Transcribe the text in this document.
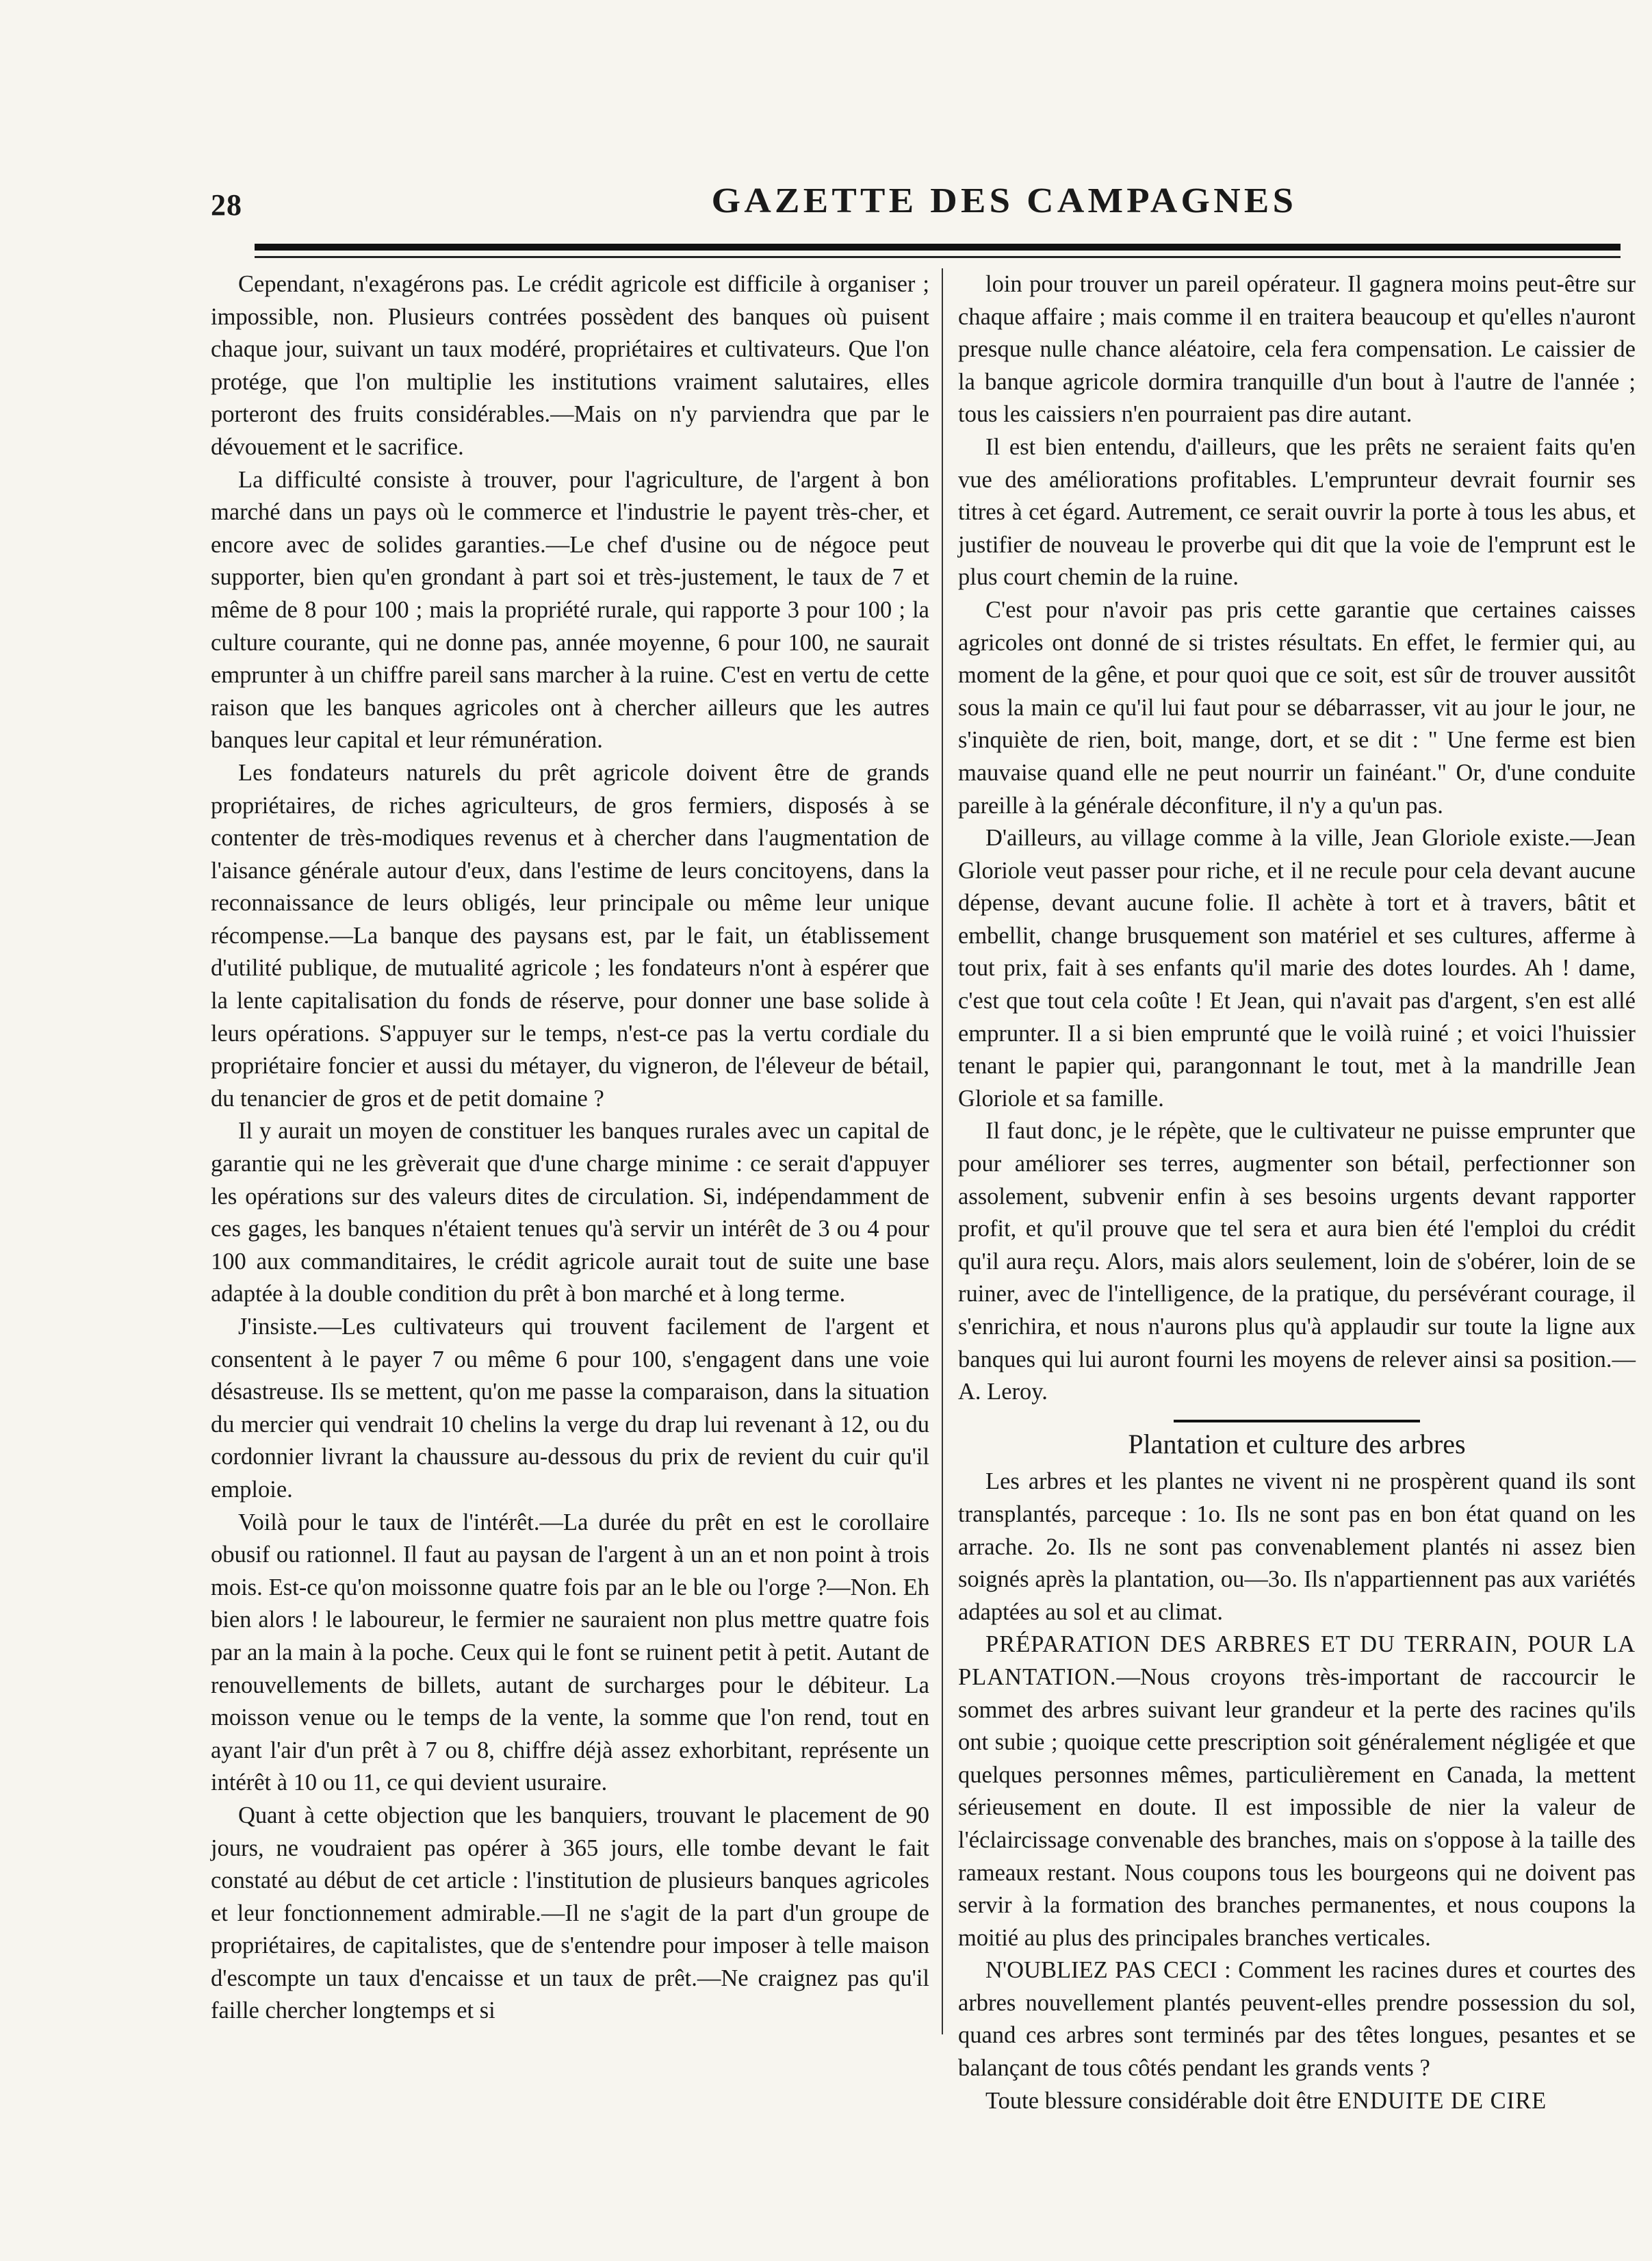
28	GAZETTE DES CAMPAGNES

Cependant, n'exagérons pas. Le crédit agricole est difficile à organiser ; impossible, non. Plusieurs contrées possèdent des banques où puisent chaque jour, suivant un taux modéré, propriétaires et cultivateurs. Que l'on protége, que l'on multiplie les institutions vraiment salutaires, elles porteront des fruits considérables.—Mais on n'y parviendra que par le dévouement et le sacrifice.

La difficulté consiste à trouver, pour l'agriculture, de l'argent à bon marché dans un pays où le commerce et l'industrie le payent très-cher, et encore avec de solides garanties.—Le chef d'usine ou de négoce peut supporter, bien qu'en grondant à part soi et très-justement, le taux de 7 et même de 8 pour 100 ; mais la propriété rurale, qui rapporte 3 pour 100 ; la culture courante, qui ne donne pas, année moyenne, 6 pour 100, ne saurait emprunter à un chiffre pareil sans marcher à la ruine. C'est en vertu de cette raison que les banques agricoles ont à chercher ailleurs que les autres banques leur capital et leur rémunération.

Les fondateurs naturels du prêt agricole doivent être de grands propriétaires, de riches agriculteurs, de gros fermiers, disposés à se contenter de très-modiques revenus et à chercher dans l'augmentation de l'aisance générale autour d'eux, dans l'estime de leurs concitoyens, dans la reconnaissance de leurs obligés, leur principale ou même leur unique récompense.—La banque des paysans est, par le fait, un établissement d'utilité publique, de mutualité agricole ; les fondateurs n'ont à espérer que la lente capitalisation du fonds de réserve, pour donner une base solide à leurs opérations. S'appuyer sur le temps, n'est-ce pas la vertu cordiale du propriétaire foncier et aussi du métayer, du vigneron, de l'éleveur de bétail, du tenancier de gros et de petit domaine ?

Il y aurait un moyen de constituer les banques rurales avec un capital de garantie qui ne les grèverait que d'une charge minime : ce serait d'appuyer les opérations sur des valeurs dites de circulation. Si, indépendamment de ces gages, les banques n'étaient tenues qu'à servir un intérêt de 3 ou 4 pour 100 aux commanditaires, le crédit agricole aurait tout de suite une base adaptée à la double condition du prêt à bon marché et à long terme.

J'insiste.—Les cultivateurs qui trouvent facilement de l'argent et consentent à le payer 7 ou même 6 pour 100, s'engagent dans une voie désastreuse. Ils se mettent, qu'on me passe la comparaison, dans la situation du mercier qui vendrait 10 chelins la verge du drap lui revenant à 12, ou du cordonnier livrant la chaussure au-dessous du prix de revient du cuir qu'il emploie.

Voilà pour le taux de l'intérêt.—La durée du prêt en est le corollaire obusif ou rationnel. Il faut au paysan de l'argent à un an et non point à trois mois. Est-ce qu'on moissonne quatre fois par an le ble ou l'orge ?—Non. Eh bien alors ! le laboureur, le fermier ne sauraient non plus mettre quatre fois par an la main à la poche. Ceux qui le font se ruinent petit à petit. Autant de renouvellements de billets, autant de surcharges pour le débiteur. La moisson venue ou le temps de la vente, la somme que l'on rend, tout en ayant l'air d'un prêt à 7 ou 8, chiffre déjà assez exhorbitant, représente un intérêt à 10 ou 11, ce qui devient usuraire.

Quant à cette objection que les banquiers, trouvant le placement de 90 jours, ne voudraient pas opérer à 365 jours, elle tombe devant le fait constaté au début de cet article : l'institution de plusieurs banques agricoles et leur fonctionnement admirable.—Il ne s'agit de la part d'un groupe de propriétaires, de capitalistes, que de s'entendre pour imposer à telle maison d'escompte un taux d'encaisse et un taux de prêt.—Ne craignez pas qu'il faille chercher longtemps et si

loin pour trouver un pareil opérateur. Il gagnera moins peut-être sur chaque affaire ; mais comme il en traitera beaucoup et qu'elles n'auront presque nulle chance aléatoire, cela fera compensation. Le caissier de la banque agricole dormira tranquille d'un bout à l'autre de l'année ; tous les caissiers n'en pourraient pas dire autant.

Il est bien entendu, d'ailleurs, que les prêts ne seraient faits qu'en vue des améliorations profitables. L'emprunteur devrait fournir ses titres à cet égard. Autrement, ce serait ouvrir la porte à tous les abus, et justifier de nouveau le proverbe qui dit que la voie de l'emprunt est le plus court chemin de la ruine.

C'est pour n'avoir pas pris cette garantie que certaines caisses agricoles ont donné de si tristes résultats. En effet, le fermier qui, au moment de la gêne, et pour quoi que ce soit, est sûr de trouver aussitôt sous la main ce qu'il lui faut pour se débarrasser, vit au jour le jour, ne s'inquiète de rien, boit, mange, dort, et se dit : " Une ferme est bien mauvaise quand elle ne peut nourrir un fainéant." Or, d'une conduite pareille à la générale déconfiture, il n'y a qu'un pas.

D'ailleurs, au village comme à la ville, Jean Gloriole existe.—Jean Gloriole veut passer pour riche, et il ne recule pour cela devant aucune dépense, devant aucune folie. Il achète à tort et à travers, bâtit et embellit, change brusquement son matériel et ses cultures, afferme à tout prix, fait à ses enfants qu'il marie des dotes lourdes. Ah ! dame, c'est que tout cela coûte ! Et Jean, qui n'avait pas d'argent, s'en est allé emprunter. Il a si bien emprunté que le voilà ruiné ; et voici l'huissier tenant le papier qui, parangonnant le tout, met à la mandrille Jean Gloriole et sa famille.

Il faut donc, je le répète, que le cultivateur ne puisse emprunter que pour améliorer ses terres, augmenter son bétail, perfectionner son assolement, subvenir enfin à ses besoins urgents devant rapporter profit, et qu'il prouve que tel sera et aura bien été l'emploi du crédit qu'il aura reçu. Alors, mais alors seulement, loin de s'obérer, loin de se ruiner, avec de l'intelligence, de la pratique, du persévérant courage, il s'enrichira, et nous n'aurons plus qu'à applaudir sur toute la ligne aux banques qui lui auront fourni les moyens de relever ainsi sa position.—A. Leroy.

Plantation et culture des arbres

Les arbres et les plantes ne vivent ni ne prospèrent quand ils sont transplantés, parceque : 1o. Ils ne sont pas en bon état quand on les arrache. 2o. Ils ne sont pas convenablement plantés ni assez bien soignés après la plantation, ou—3o. Ils n'appartiennent pas aux variétés adaptées au sol et au climat.

PRÉPARATION DES ARBRES ET DU TERRAIN, POUR LA PLANTATION.—Nous croyons très-important de raccourcir le sommet des arbres suivant leur grandeur et la perte des racines qu'ils ont subie ; quoique cette prescription soit généralement négligée et que quelques personnes mêmes, particulièrement en Canada, la mettent sérieusement en doute. Il est impossible de nier la valeur de l'éclaircissage convenable des branches, mais on s'oppose à la taille des rameaux restant. Nous coupons tous les bourgeons qui ne doivent pas servir à la formation des branches permanentes, et nous coupons la moitié au plus des principales branches verticales.

N'OUBLIEZ PAS CECI : Comment les racines dures et courtes des arbres nouvellement plantés peuvent-elles prendre possession du sol, quand ces arbres sont terminés par des têtes longues, pesantes et se balançant de tous côtés pendant les grands vents ?

Toute blessure considérable doit être ENDUITE DE CIRE
